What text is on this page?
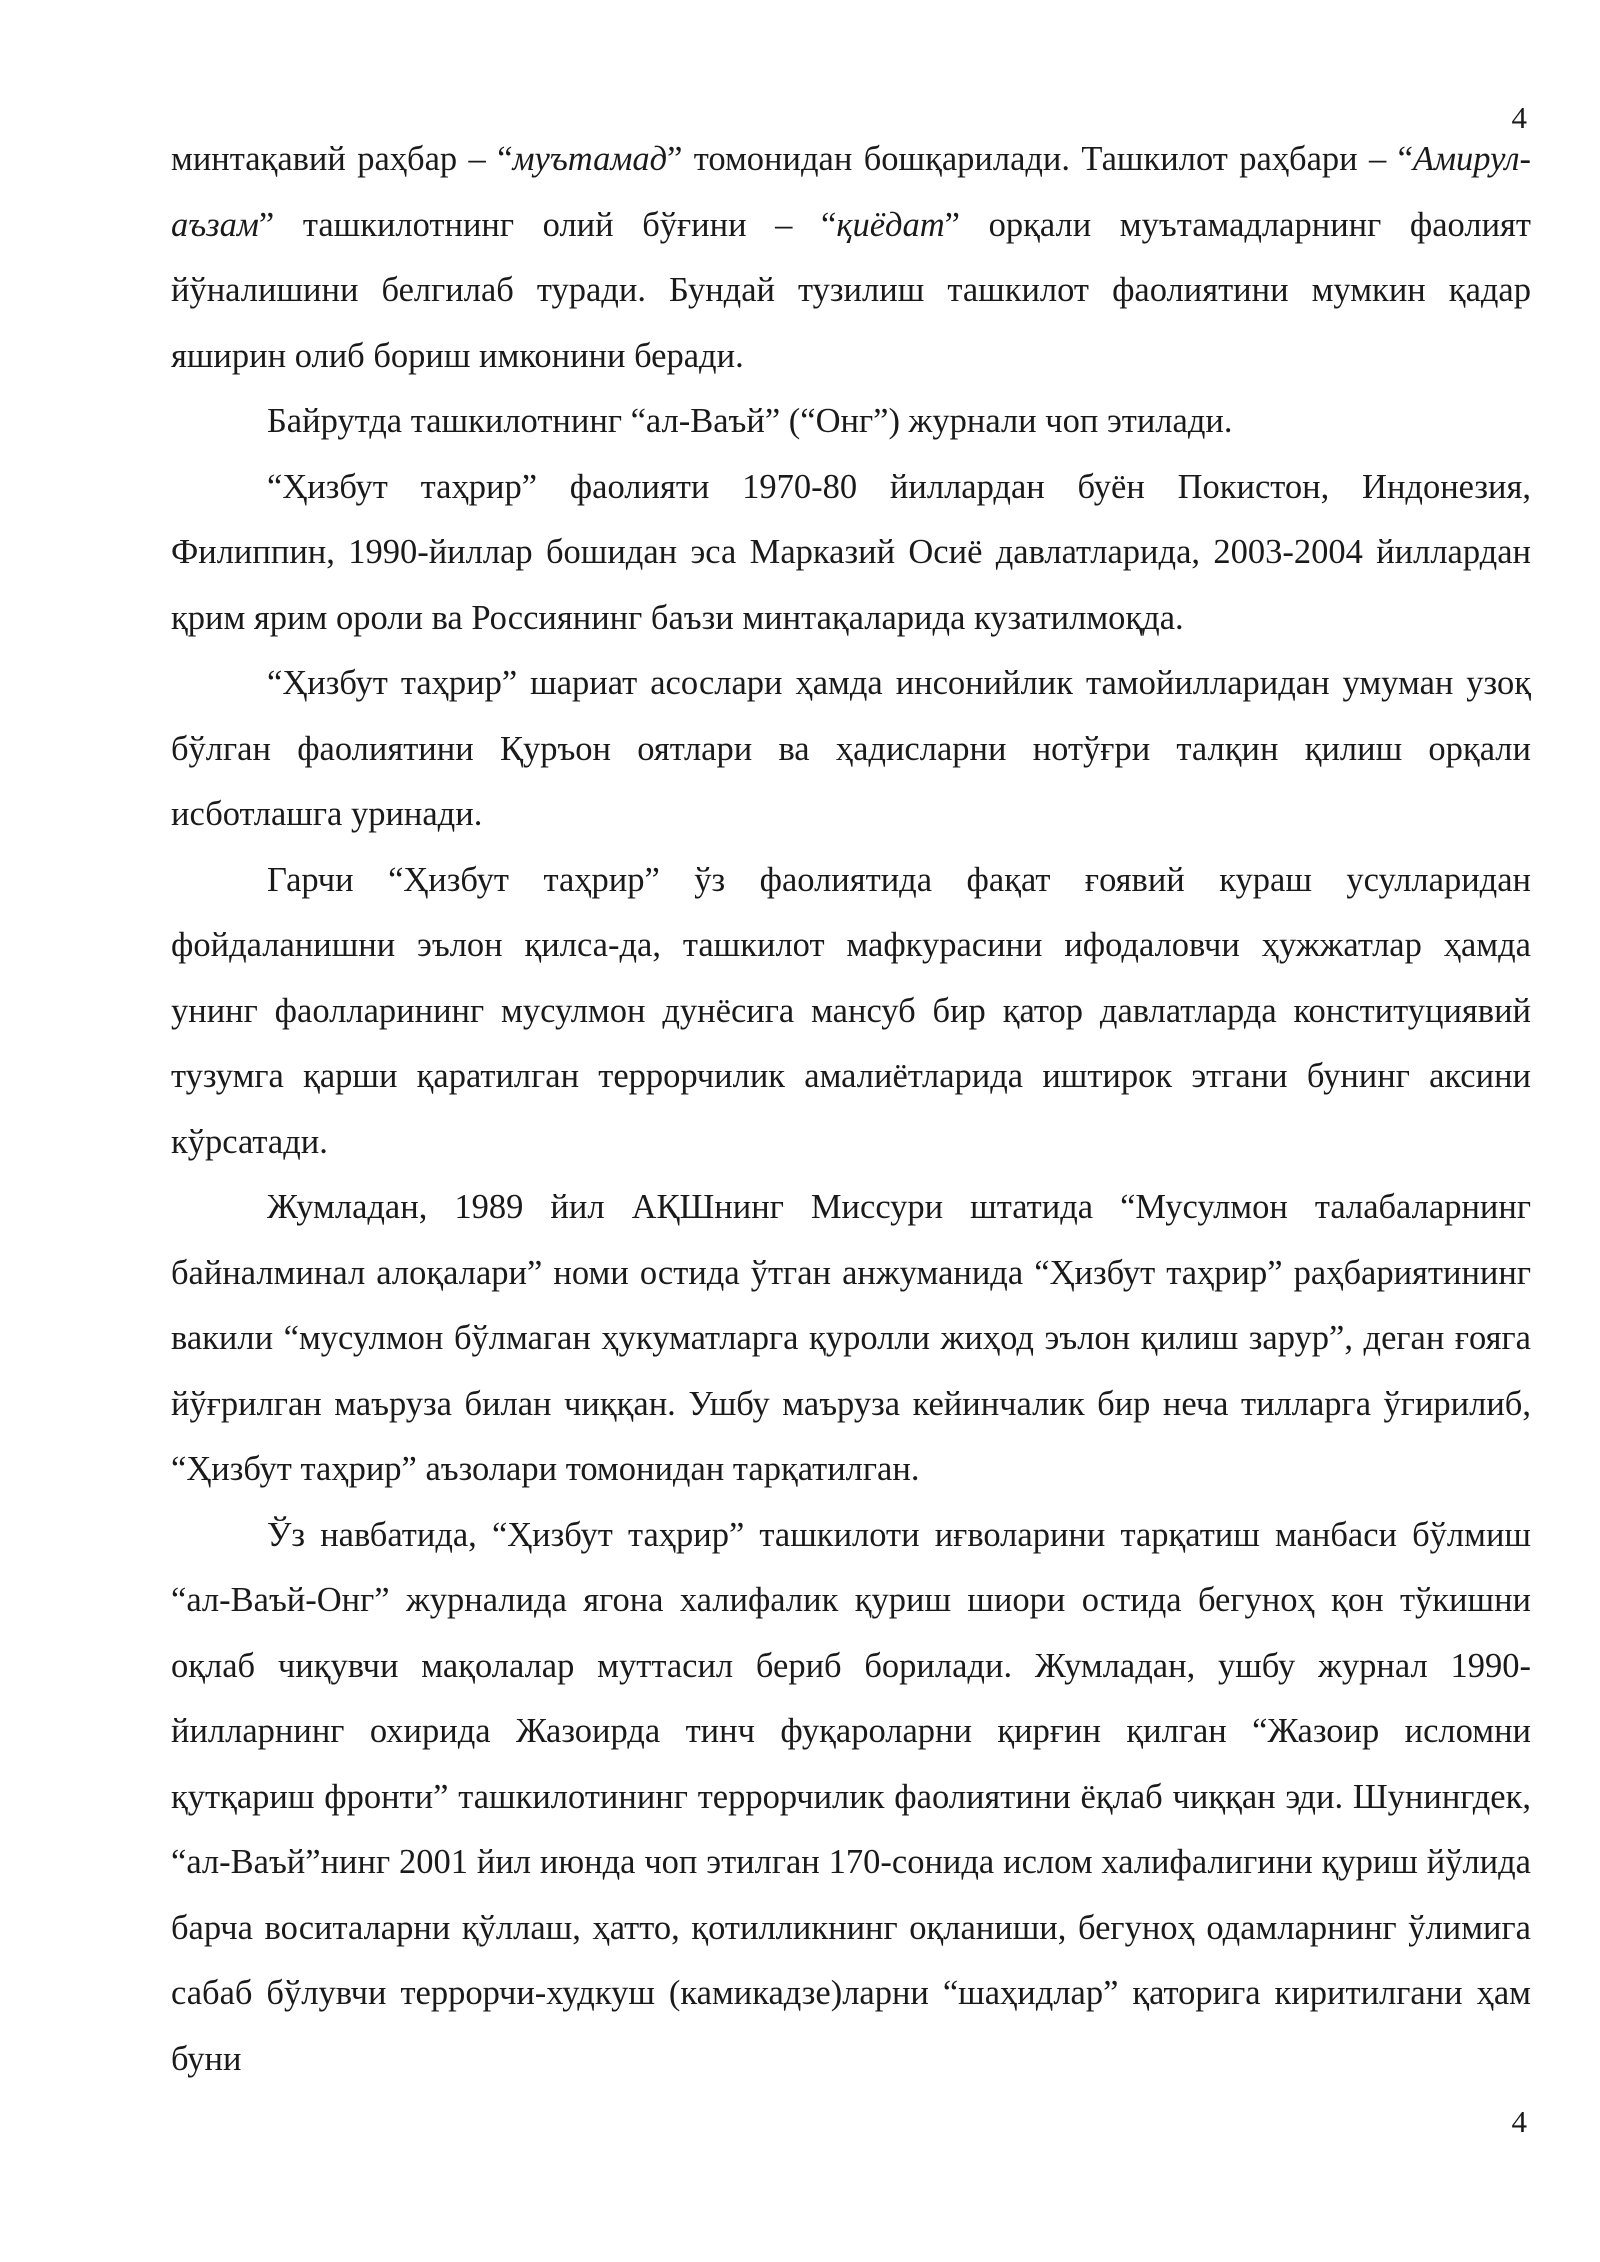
4

минтақавий раҳбар – “муътамад” томонидан бошқарилади. Ташкилот раҳбари – “Амирул-аъзам” ташкилотнинг олий бўғини – “қиёдат” орқали муътамадларнинг фаолият йўналишини белгилаб туради. Бундай тузилиш ташкилот фаолиятини мумкин қадар яширин олиб бориш имконини беради.

Байрутда ташкилотнинг “ал-Ваъй” (“Онг”) журнали чоп этилади.

“Ҳизбут таҳрир” фаолияти 1970-80 йиллардан буён Покистон, Индонезия, Филиппин, 1990-йиллар бошидан эса Марказий Осиё давлатларида, 2003-2004 йиллардан қрим ярим ороли ва Россиянинг баъзи минтақаларида кузатилмоқда.

“Ҳизбут таҳрир” шариат асослари ҳамда инсонийлик тамойилларидан умуман узоқ бўлган фаолиятини Қуръон оятлари ва ҳадисларни нотўғри талқин қилиш орқали исботлашга уринади.

Гарчи “Ҳизбут таҳрир” ўз фаолиятида фақат ғоявий кураш усулларидан фойдаланишни эълон қилса-да, ташкилот мафкурасини ифодаловчи ҳужжатлар ҳамда унинг фаолларининг мусулмон дунёсига мансуб бир қатор давлатларда конституциявий тузумга қарши қаратилган террорчилик амалиётларида иштирок этгани бунинг аксини кўрсатади.

Жумладан, 1989 йил АҚШнинг Миссури штатида “Мусулмон талабаларнинг байналминал алоқалари” номи остида ўтган анжуманида “Ҳизбут таҳрир” раҳбариятининг вакили “мусулмон бўлмаган ҳукуматларга қуролли жиҳод эълон қилиш зарур”, деган ғояга йўғрилган маъруза билан чиққан. Ушбу маъруза кейинчалик бир неча тилларга ўгирилиб, “Ҳизбут таҳрир” аъзолари томонидан тарқатилган.

Ўз навбатида, “Ҳизбут таҳрир” ташкилоти иғволарини тарқатиш манбаси бўлмиш “ал-Ваъй-Онг” журналида ягона халифалик қуриш шиори остида бегуноҳ қон тўкишни оқлаб чиқувчи мақолалар муттасил бериб борилади. Жумладан, ушбу журнал 1990-йилларнинг охирида Жазоирда тинч фуқароларни қирғин қилган “Жазоир исломни қутқариш фронти” ташкилотининг террорчилик фаолиятини ёқлаб чиққан эди. Шунингдек, “ал-Ваъй”нинг 2001 йил июнда чоп этилган 170-сонида ислом халифалигини қуриш йўлида барча воситаларни қўллаш, ҳатто, қотилликнинг оқланиши, бегуноҳ одамларнинг ўлимига сабаб бўлувчи террорчи-худкуш (камикадзе)ларни “шаҳидлар” қаторига киритилгани ҳам буни

4
